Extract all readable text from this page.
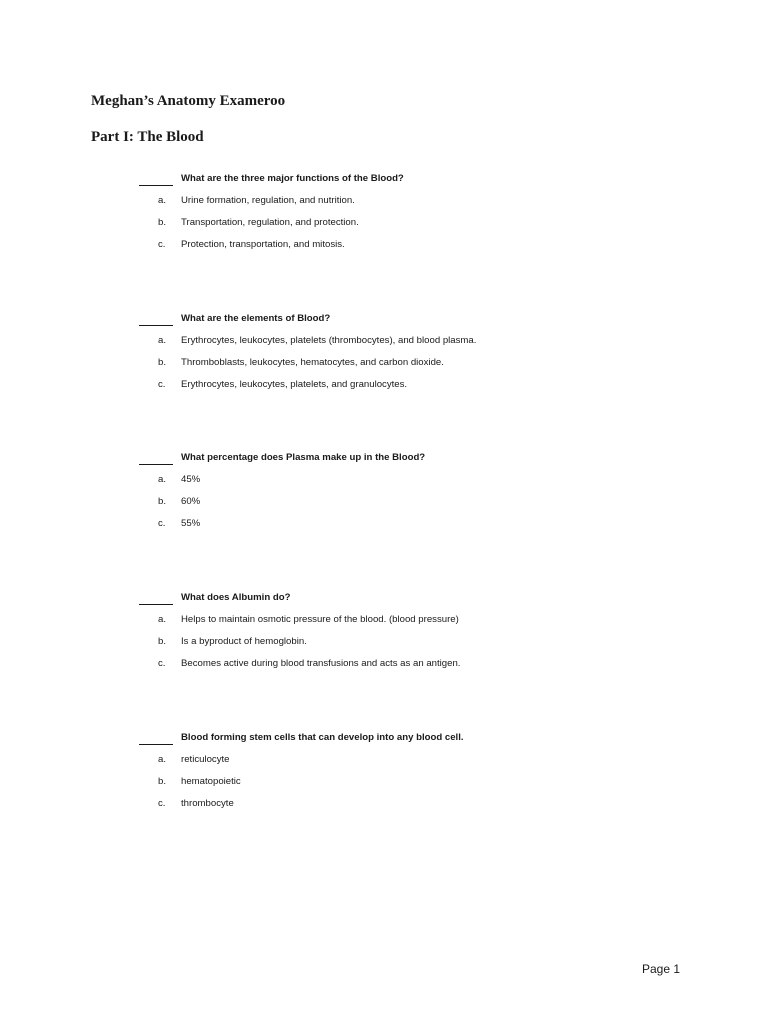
Meghan’s Anatomy Exameroo
Part I: The Blood
What are the three major functions of the Blood?
a. Urine formation, regulation, and nutrition.
b. Transportation, regulation, and protection.
c. Protection, transportation, and mitosis.
What are the elements of Blood?
a. Erythrocytes, leukocytes, platelets (thrombocytes), and blood plasma.
b. Thromboblasts, leukocytes, hematocytes, and carbon dioxide.
c. Erythrocytes, leukocytes, platelets, and granulocytes.
What percentage does Plasma make up in the Blood?
a. 45%
b. 60%
c. 55%
What does Albumin do?
a. Helps to maintain osmotic pressure of the blood. (blood pressure)
b. Is a byproduct of hemoglobin.
c. Becomes active during blood transfusions and acts as an antigen.
Blood forming stem cells that can develop into any blood cell.
a. reticulocyte
b. hematopoietic
c. thrombocyte
Page 1
